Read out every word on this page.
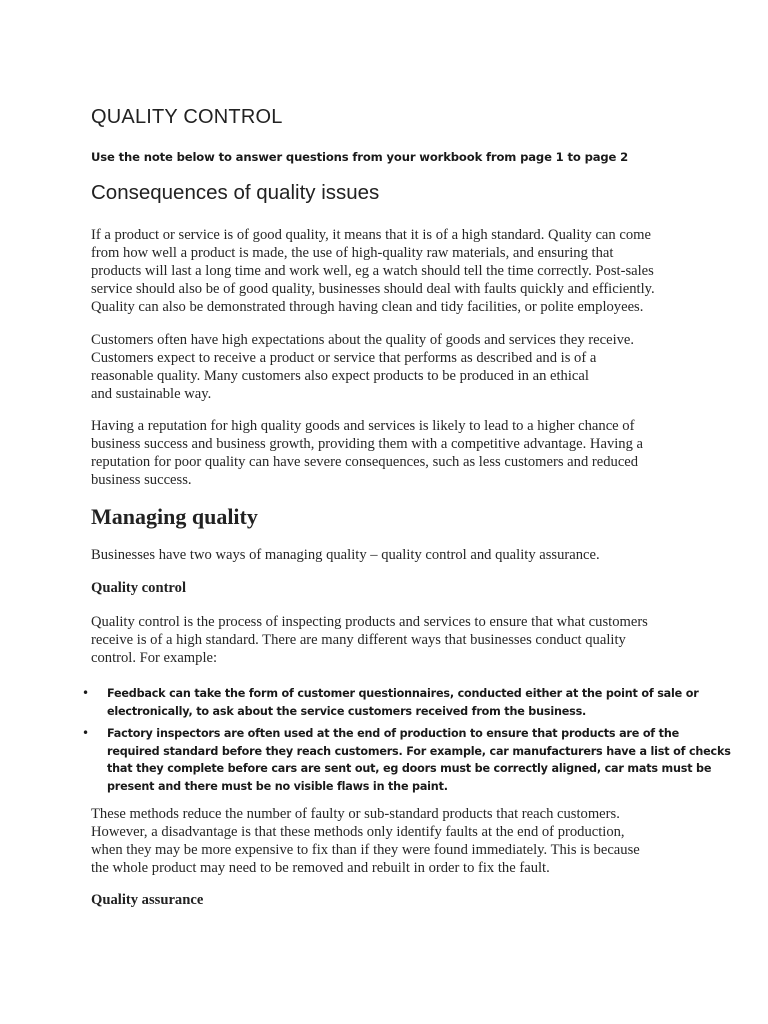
QUALITY CONTROL
Use the note below to answer questions from your workbook from page 1 to page 2
Consequences of quality issues

If a product or service is of good quality, it means that it is of a high standard. Quality can come
from how well a product is made, the use of high-quality raw materials, and ensuring that
products will last a long time and work well, eg a watch should tell the time correctly. Post-sales
service should also be of good quality, businesses should deal with faults quickly and efficiently.
Quality can also be demonstrated through having clean and tidy facilities, or polite employees.

Customers often have high expectations about the quality of goods and services they receive.
Customers expect to receive a product or service that performs as described and is of a
reasonable quality. Many customers also expect products to be produced in an ethical
and sustainable way.

Having a reputation for high quality goods and services is likely to lead to a higher chance of
business success and business growth, providing them with a competitive advantage. Having a
reputation for poor quality can have severe consequences, such as less customers and reduced
business success.

Managing quality

Businesses have two ways of managing quality – quality control and quality assurance.

Quality control

Quality control is the process of inspecting products and services to ensure that what customers
receive is of a high standard. There are many different ways that businesses conduct quality
control. For example:

• Feedback can take the form of customer questionnaires, conducted either at the point of sale or
electronically, to ask about the service customers received from the business.
• Factory inspectors are often used at the end of production to ensure that products are of the
required standard before they reach customers. For example, car manufacturers have a list of checks
that they complete before cars are sent out, eg doors must be correctly aligned, car mats must be
present and there must be no visible flaws in the paint.

These methods reduce the number of faulty or sub-standard products that reach customers.
However, a disadvantage is that these methods only identify faults at the end of production,
when they may be more expensive to fix than if they were found immediately. This is because
the whole product may need to be removed and rebuilt in order to fix the fault.

Quality assurance
